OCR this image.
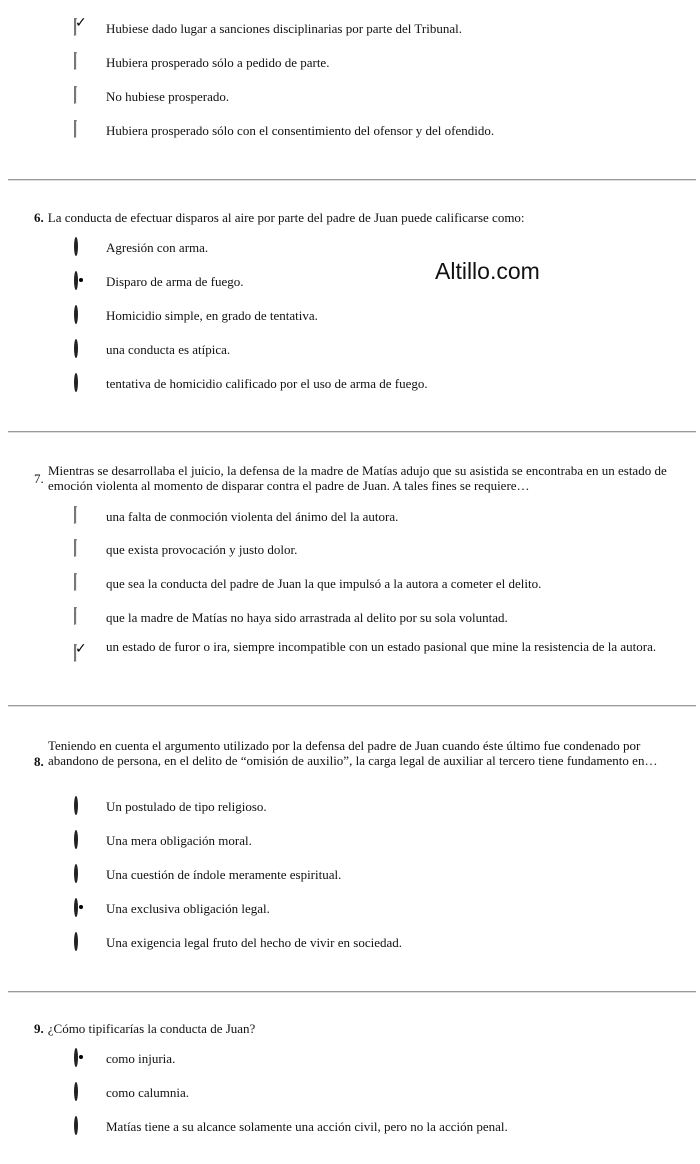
✓
Hubiese dado lugar a sanciones disciplinarias por parte del Tribunal.
Hubiera prosperado sólo a pedido de parte.
No hubiese prosperado.
Hubiera prosperado sólo con el consentimiento del ofensor y del ofendido.
6. La conducta de efectuar disparos al aire por parte del padre de Juan puede calificarse como:
Agresión con arma.
Disparo de arma de fuego.
Homicidio simple, en grado de tentativa.
una conducta es atípica.
tentativa de homicidio calificado por el uso de arma de fuego.
Altillo.com
7.
Mientras se desarrollaba el juicio, la defensa de la madre de Matías adujo que su asistida se encontraba en un estado de emoción violenta al momento de disparar contra el padre de Juan. A tales fines se requiere…
una falta de conmoción violenta del ánimo del la autora.
que exista provocación y justo dolor.
que sea la conducta del padre de Juan la que impulsó a la autora a cometer el delito.
que la madre de Matías no haya sido arrastrada al delito por su sola voluntad.
✓
un estado de furor o ira, siempre incompatible con un estado pasional que mine la resistencia de la autora.
8.
Teniendo en cuenta el argumento utilizado por la defensa del padre de Juan cuando éste último fue condenado por abandono de persona, en el delito de “omisión de auxilio”, la carga legal de auxiliar al tercero tiene fundamento en…
Un postulado de tipo religioso.
Una mera obligación moral.
Una cuestión de índole meramente espiritual.
Una exclusiva obligación legal.
Una exigencia legal fruto del hecho de vivir en sociedad.
9. ¿Cómo tipificarías la conducta de Juan?
como injuria.
como calumnia.
Matías tiene a su alcance solamente una acción civil, pero no la acción penal.
